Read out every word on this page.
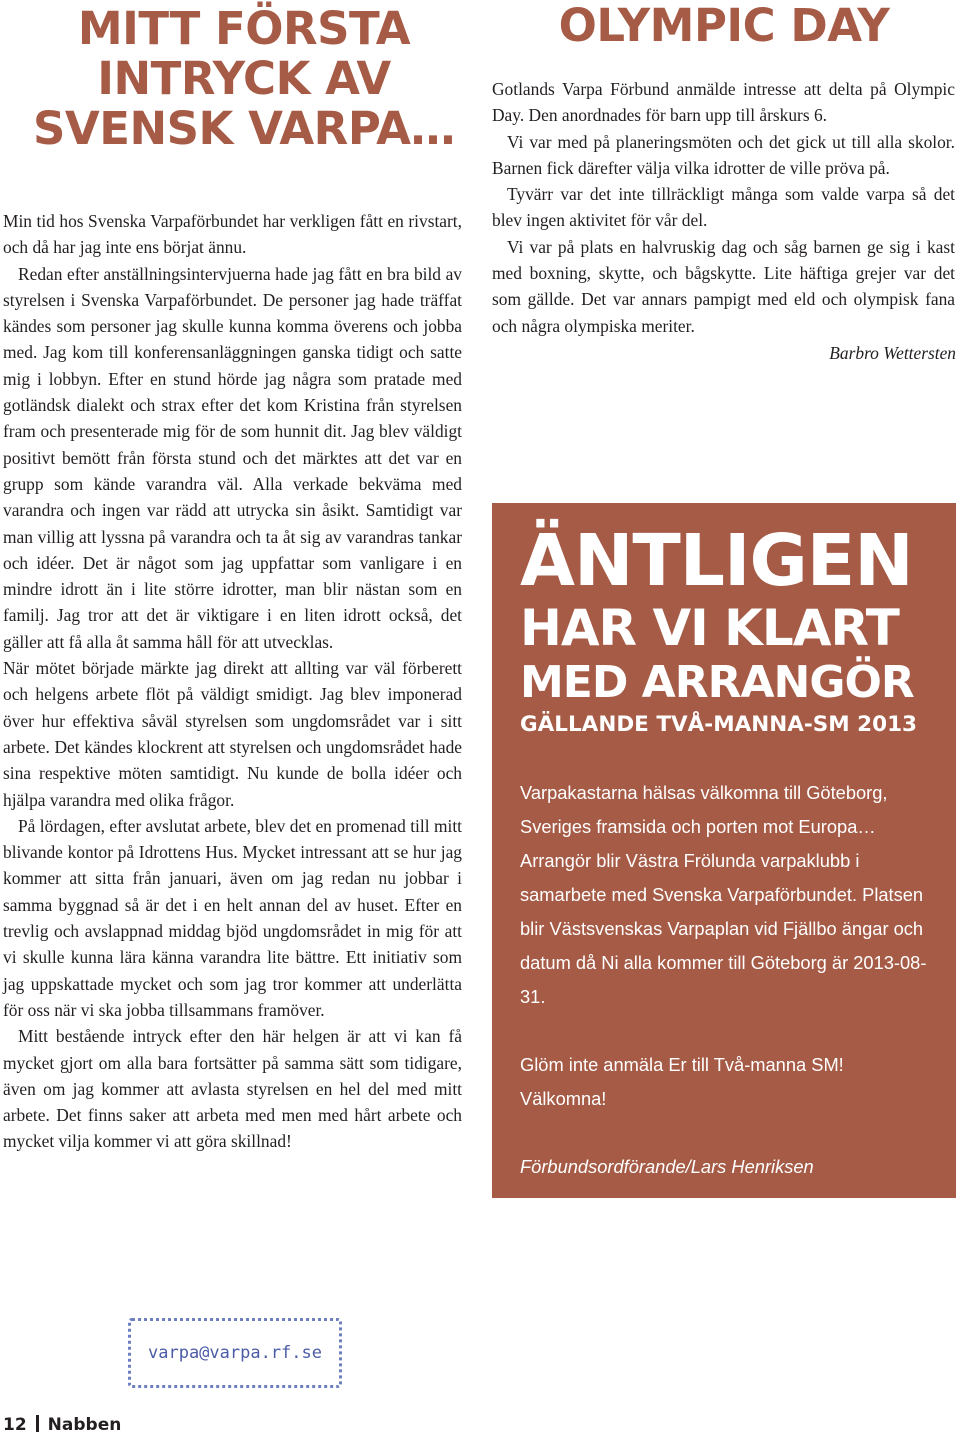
MITT FÖRSTA INTRYCK AV SVENSK VARPA…

Min tid hos Svenska Varpaförbundet har verkligen fått en rivstart, och då har jag inte ens börjat ännu.

Redan efter anställningsintervjuerna hade jag fått en bra bild av styrelsen i Svenska Varpaförbundet. De personer jag hade träffat kändes som personer jag skulle kunna komma överens och jobba med. Jag kom till konferensanläggningen ganska tidigt och satte mig i lobbyn. Efter en stund hörde jag några som pratade med gotländsk dialekt och strax efter det kom Kristina från styrelsen fram och presenterade mig för de som hunnit dit. Jag blev väldigt positivt bemött från första stund och det märktes att det var en grupp som kände varandra väl. Alla verkade bekväma med varandra och ingen var rädd att utrycka sin åsikt. Samtidigt var man villig att lyssna på varandra och ta åt sig av varandras tankar och idéer. Det är något som jag uppfattar som vanligare i en mindre idrott än i lite större idrotter, man blir nästan som en familj. Jag tror att det är viktigare i en liten idrott också, det gäller att få alla åt samma håll för att utvecklas.

När mötet började märkte jag direkt att allting var väl förberett och helgens arbete flöt på väldigt smidigt. Jag blev imponerad över hur effektiva såväl styrelsen som ungdomsrådet var i sitt arbete. Det kändes klockrent att styrelsen och ungdomsrådet hade sina respektive möten samtidigt. Nu kunde de bolla idéer och hjälpa varandra med olika frågor.

På lördagen, efter avslutat arbete, blev det en promenad till mitt blivande kontor på Idrottens Hus. Mycket intressant att se hur jag kommer att sitta från januari, även om jag redan nu jobbar i samma byggnad så är det i en helt annan del av huset. Efter en trevlig och avslappnad middag bjöd ungdomsrådet in mig för att vi skulle kunna lära känna varandra lite bättre. Ett initiativ som jag uppskattade mycket och som jag tror kommer att underlätta för oss när vi ska jobba tillsammans framöver.

Mitt bestående intryck efter den här helgen är att vi kan få mycket gjort om alla bara fortsätter på samma sätt som tidigare, även om jag kommer att avlasta styrelsen en hel del med mitt arbete. Det finns saker att arbeta med men med hårt arbete och mycket vilja kommer vi att göra skillnad!

OLYMPIC DAY

Gotlands Varpa Förbund anmälde intresse att delta på Olympic Day. Den anordnades för barn upp till årskurs 6.

Vi var med på planeringsmöten och det gick ut till alla skolor. Barnen fick därefter välja vilka idrotter de ville pröva på.

Tyvärr var det inte tillräckligt många som valde varpa så det blev ingen aktivitet för vår del.

Vi var på plats en halvruskig dag och såg barnen ge sig i kast med boxning, skytte, och bågskytte. Lite häftiga grejer var det som gällde. Det var annars pampigt med eld och olympisk fana och några olympiska meriter.

Barbro Wettersten
ÄNTLIGEN
HAR VI KLART
MED ARRANGÖR
GÄLLANDE TVÅ-MANNA-SM 2013

Varpakastarna hälsas välkomna till Göteborg, Sveriges framsida och porten mot Europa… Arrangör blir Västra Frölunda varpaklubb i samarbete med Svenska Varpaförbundet. Platsen blir Västsvenskas Varpaplan vid Fjällbo ängar och datum då Ni alla kommer till Göteborg är 2013-08-31.

Glöm inte anmäla Er till Två-manna SM! Välkomna!

Förbundsordförande/Lars Henriksen

varpa@varpa.rf.se
12 Nabben
